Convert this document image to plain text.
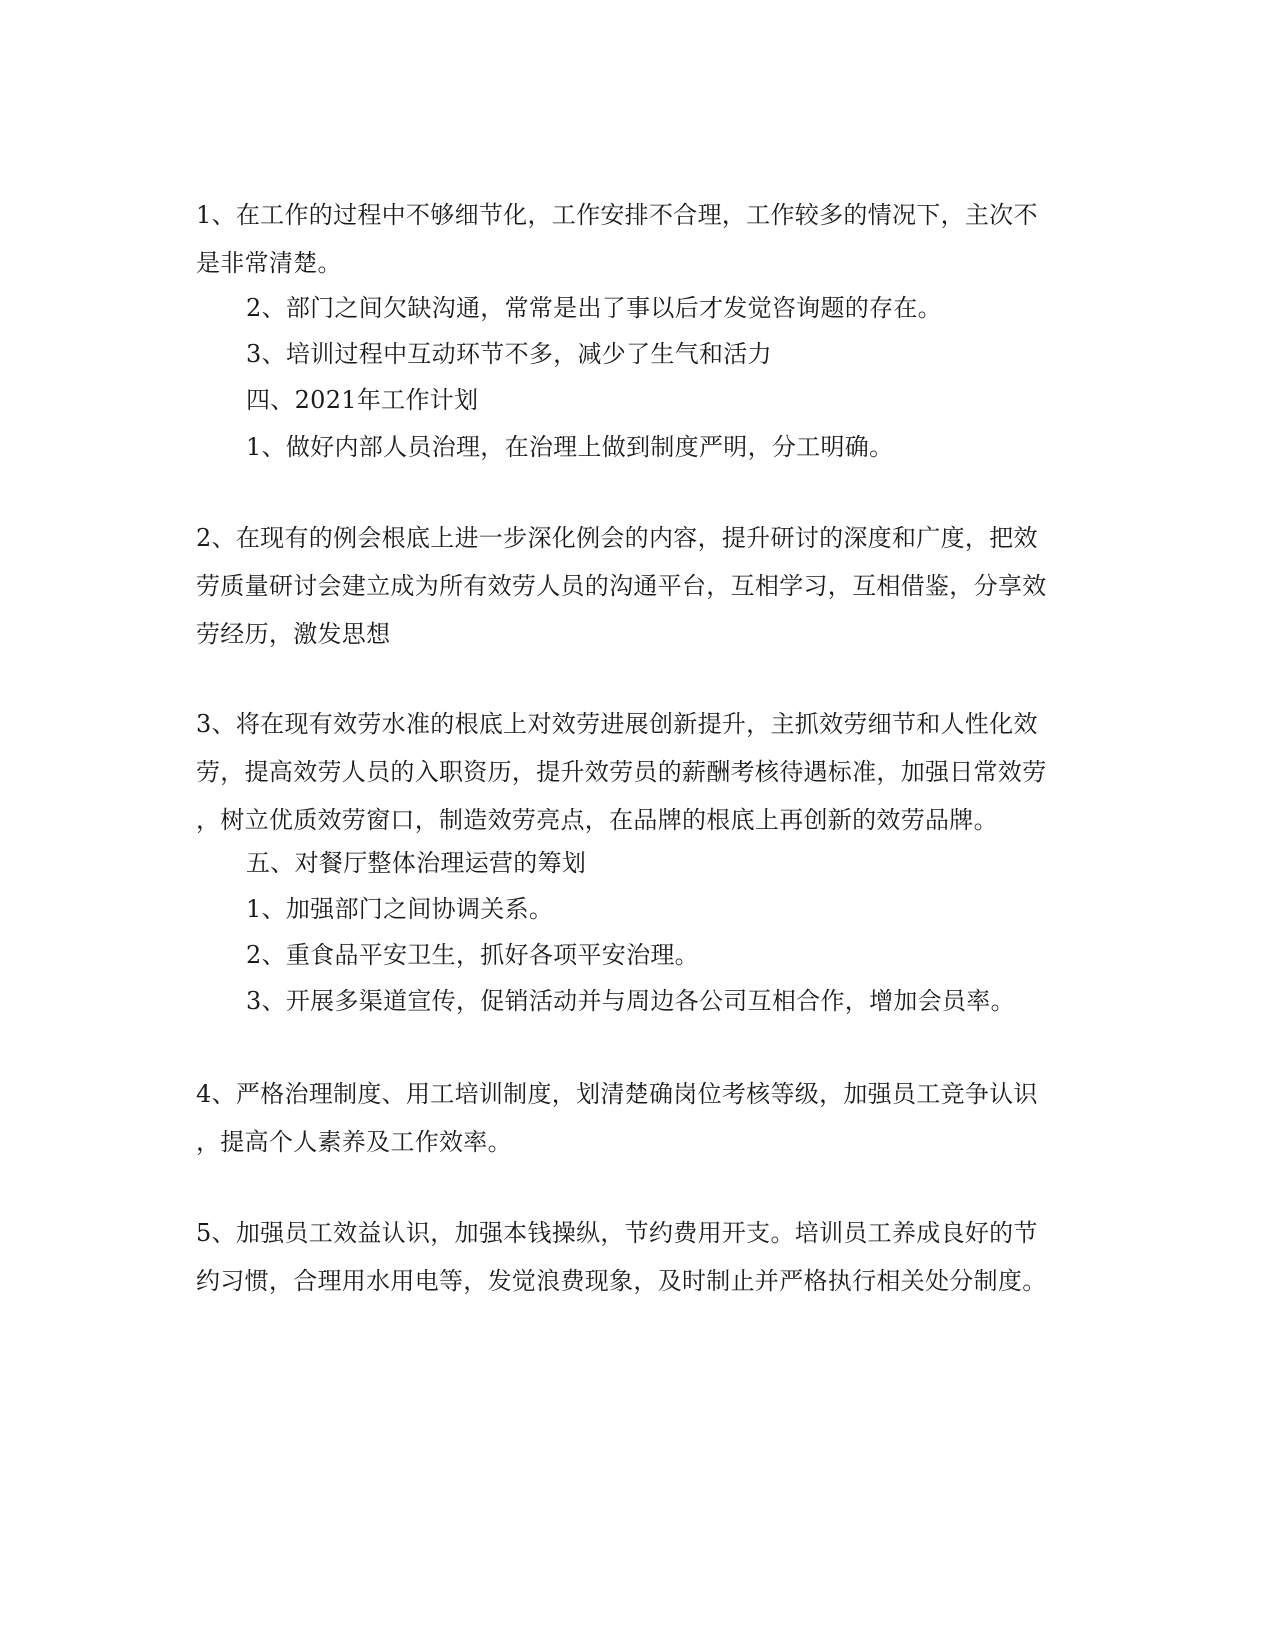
1、在工作的过程中不够细节化，工作安排不合理，工作较多的情况下，主次不
是非常清楚。

2、部门之间欠缺沟通，常常是出了事以后才发觉咨询题的存在。

3、培训过程中互动环节不多，减少了生气和活力

四、2021年工作计划

1、做好内部人员治理，在治理上做到制度严明，分工明确。

2、在现有的例会根底上进一步深化例会的内容，提升研讨的深度和广度，把效
劳质量研讨会建立成为所有效劳人员的沟通平台，互相学习，互相借鉴，分享效
劳经历，激发思想

3、将在现有效劳水准的根底上对效劳进展创新提升，主抓效劳细节和人性化效
劳，提高效劳人员的入职资历，提升效劳员的薪酬考核待遇标准，加强日常效劳
，树立优质效劳窗口，制造效劳亮点，在品牌的根底上再创新的效劳品牌。

五、对餐厅整体治理运营的筹划

1、加强部门之间协调关系。

2、重食品平安卫生，抓好各项平安治理。

3、开展多渠道宣传，促销活动并与周边各公司互相合作，增加会员率。

4、严格治理制度、用工培训制度，划清楚确岗位考核等级，加强员工竞争认识
，提高个人素养及工作效率。

5、加强员工效益认识，加强本钱操纵，节约费用开支。培训员工养成良好的节
约习惯，合理用水用电等，发觉浪费现象，及时制止并严格执行相关处分制度。
